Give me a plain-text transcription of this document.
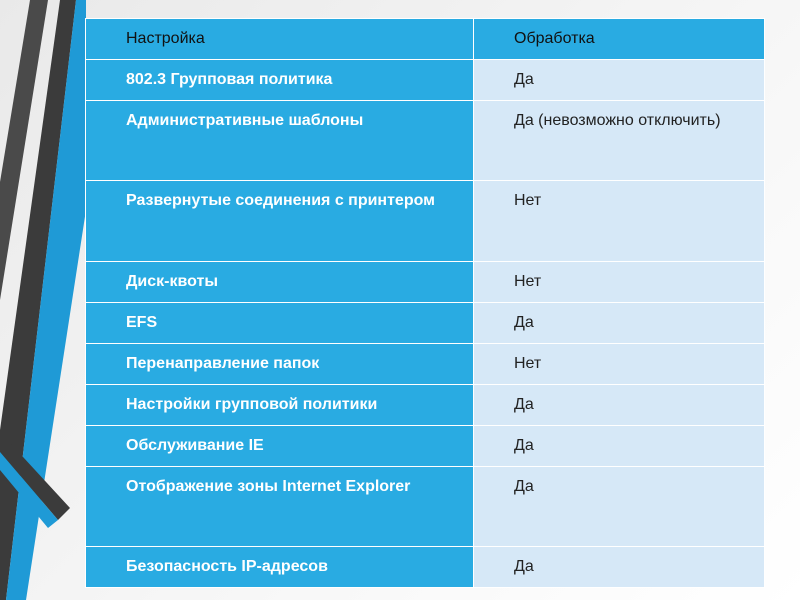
Настройка	Обработка

802.3 Групповая политика	Да

Административные шаблоны	Да (невозможно отключить)

Развернутые соединения с принтером	Нет

Диск-квоты	Нет

EFS	Да

Перенаправление папок	Нет

Настройки групповой политики	Да

Обслуживание IE	Да

Отображение зоны Internet Explorer	Да

Безопасность IP-адресов	Да
